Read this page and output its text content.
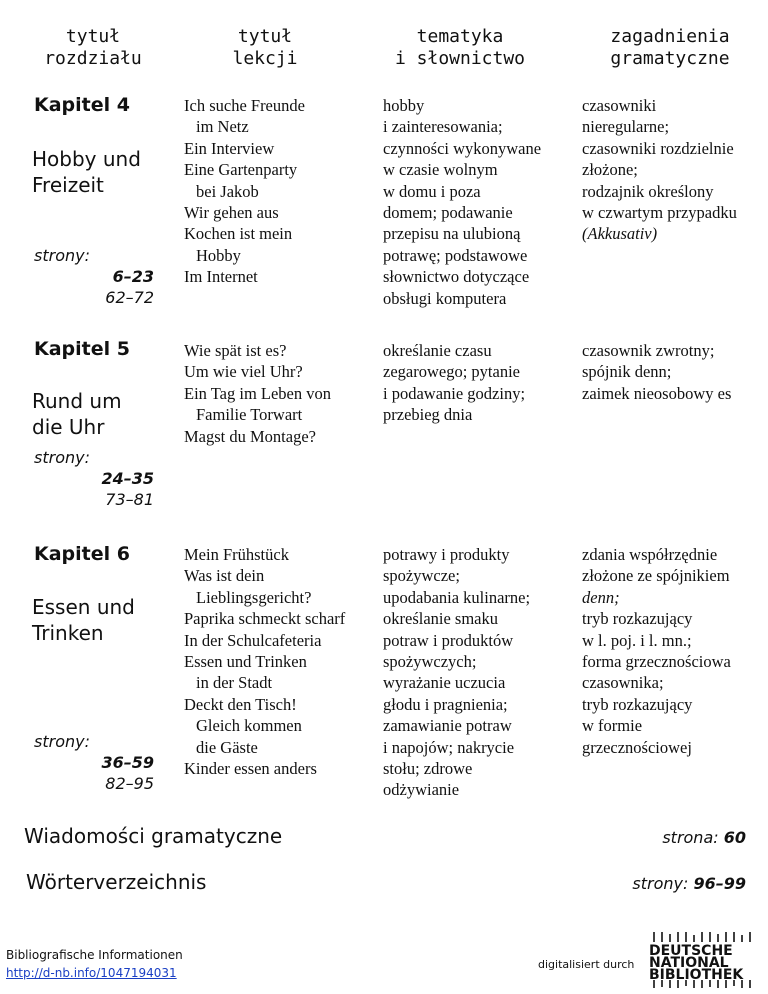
tytuł
rozdziału
tytuł
lekcji
tematyka
i słownictwo
zagadnienia
gramatyczne
Kapitel 4
Hobby und
Freizeit
strony:
6–23
62–72
Ich suche Freunde
im Netz
Ein Interview
Eine Gartenparty
bei Jakob
Wir gehen aus
Kochen ist mein
Hobby
Im Internet
hobby
i zainteresowania;
czynności wykonywane
w czasie wolnym
w domu i poza
domem; podawanie
przepisu na ulubioną
potrawę; podstawowe
słownictwo dotyczące
obsługi komputera
czasowniki
nieregularne;
czasowniki rozdzielnie
złożone;
rodzajnik określony
w czwartym przypadku
(Akkusativ)
Kapitel 5
Rund um
die Uhr
strony:
24–35
73–81
Wie spät ist es?
Um wie viel Uhr?
Ein Tag im Leben von
Familie Torwart
Magst du Montage?
określanie czasu
zegarowego; pytanie
i podawanie godziny;
przebieg dnia
czasownik zwrotny;
spójnik denn;
zaimek nieosobowy es
Kapitel 6
Essen und
Trinken
strony:
36–59
82–95
Mein Frühstück
Was ist dein
Lieblingsgericht?
Paprika schmeckt scharf
In der Schulcafeteria
Essen und Trinken
in der Stadt
Deckt den Tisch!
Gleich kommen
die Gäste
Kinder essen anders
potrawy i produkty
spożywcze;
upodabania kulinarne;
określanie smaku
potraw i produktów
spożywczych;
wyrażanie uczucia
głodu i pragnienia;
zamawianie potraw
i napojów; nakrycie
stołu; zdrowe
odżywianie
zdania współrzędnie
złożone ze spójnikiem
denn;
tryb rozkazujący
w l. poj. i l. mn.;
forma grzecznościowa
czasownika;
tryb rozkazujący
w formie
grzecznościowej
Wiadomości gramatyczne	strona: 60
Wörterverzeichnis	strony: 96–99
Bibliografische Informationen
http://d-nb.info/1047194031
digitalisiert durch
DEUTSCHE
NATIONAL
BIBLIOTHEK
